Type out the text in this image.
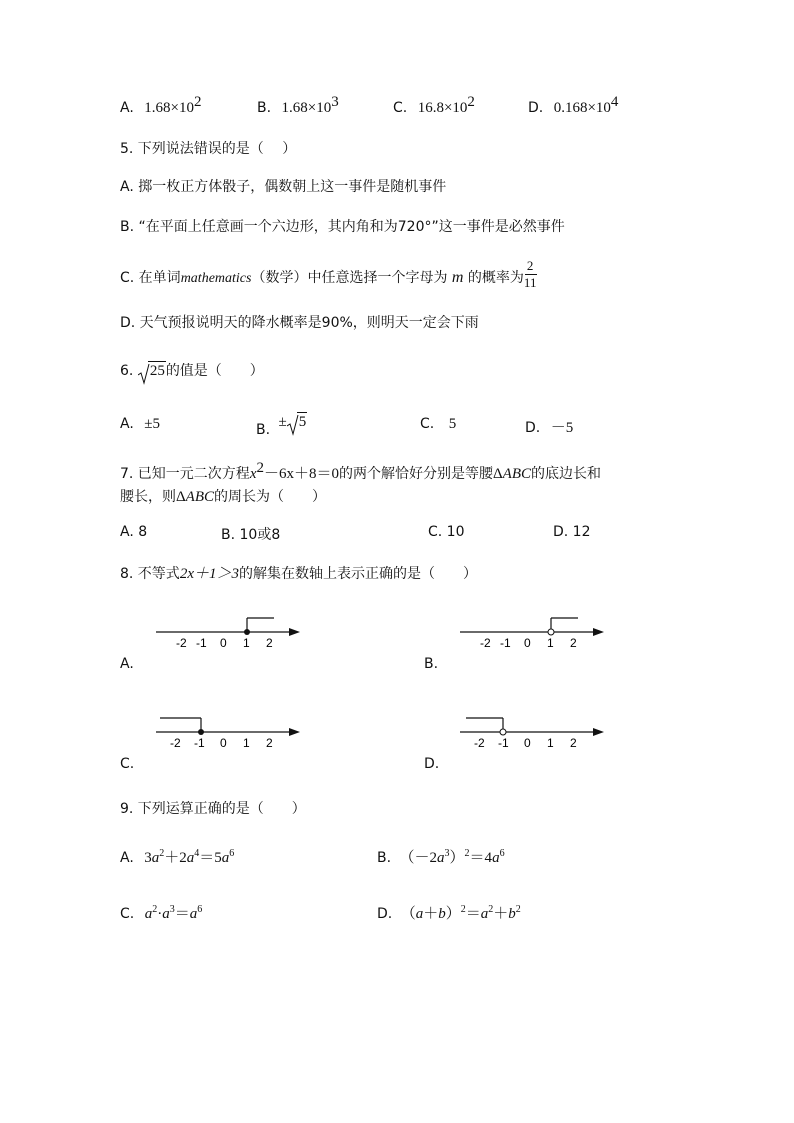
A. $1.68\times 10^2$	B. $1.68\times 10^3$	C. $16.8\times 10^2$	D. $0.168\times 10^4$
5. 下列说法错误的是（　 ）
A. 掷一枚正方体骰子，偶数朝上这一事件是随机事件
B. “在平面上任意画一个六边形，其内角和为720°”这一事件是必然事件
C. 在单词mathematics（数学）中任意选择一个字母为 m 的概率为 $\frac{2}{11}$
D. 天气预报说明天的降水概率是90%，则明天一定会下雨
6. 25的值是（　　）
A. ±5	B. ± 5	C. 5	D. －5
7. 已知一元二次方程$x^2-6x+8=0$的两个解恰好分别是等腰ΔABC的底边长和
腰长，则ΔABC的周长为（　　）
A. 8	B. 10或8	C. 10	D. 12
8. 不等式2x＋1＞3的解集在数轴上表示正确的是（　　）
-2 -1 0 1 2
A.
-2 -1 0 1 2
B.
-2 -1 0 1 2
C.
-2 -1 0 1 2
D.
9. 下列运算正确的是（　　）
A. $3a^2+2a^4=5a^6$	B. $(-2a^3)^2=4a^6$
C. $a^2\cdot a^3=a^6$	D. $(a+b)^2=a^2+b^2$
